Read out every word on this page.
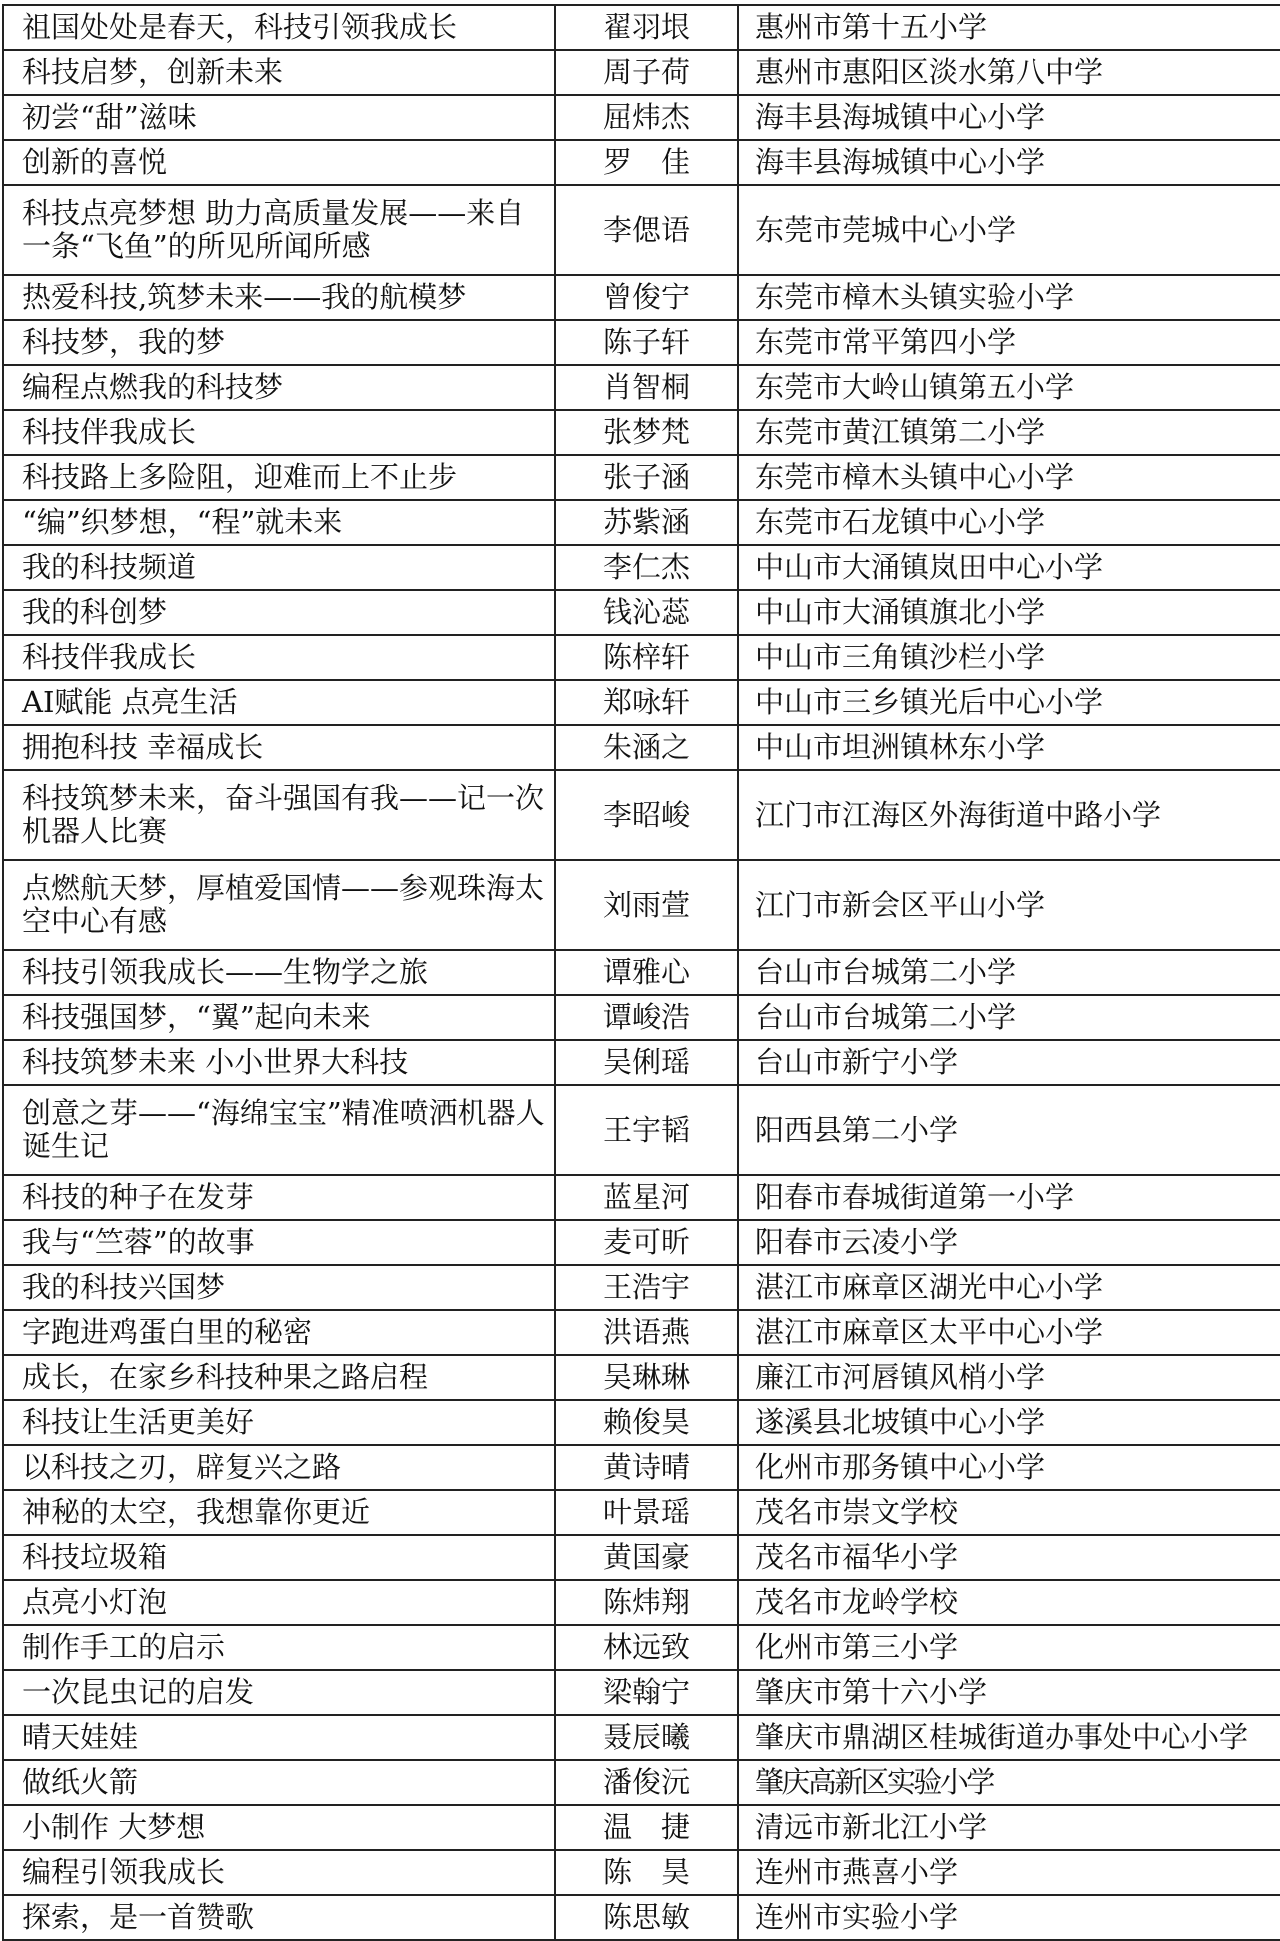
祖国处处是春天，科技引领我成长	翟羽垠	惠州市第十五小学
科技启梦，创新未来	周子荷	惠州市惠阳区淡水第八中学
初尝“甜”滋味	屈炜杰	海丰县海城镇中心小学
创新的喜悦	罗　佳	海丰县海城镇中心小学
科技点亮梦想 助力高质量发展——来自一条“飞鱼”的所见所闻所感	李偲语	东莞市莞城中心小学
热爱科技,筑梦未来——我的航模梦	曾俊宁	东莞市樟木头镇实验小学
科技梦，我的梦	陈子轩	东莞市常平第四小学
编程点燃我的科技梦	肖智桐	东莞市大岭山镇第五小学
科技伴我成长	张梦梵	东莞市黄江镇第二小学
科技路上多险阻，迎难而上不止步	张子涵	东莞市樟木头镇中心小学
“编”织梦想，“程”就未来	苏紫涵	东莞市石龙镇中心小学
我的科技频道	李仁杰	中山市大涌镇岚田中心小学
我的科创梦	钱沁蕊	中山市大涌镇旗北小学
科技伴我成长	陈梓轩	中山市三角镇沙栏小学
AI赋能 点亮生活	郑咏轩	中山市三乡镇光后中心小学
拥抱科技 幸福成长	朱涵之	中山市坦洲镇林东小学
科技筑梦未来，奋斗强国有我——记一次机器人比赛	李昭峻	江门市江海区外海街道中路小学
点燃航天梦，厚植爱国情——参观珠海太空中心有感	刘雨萱	江门市新会区平山小学
科技引领我成长——生物学之旅	谭雅心	台山市台城第二小学
科技强国梦，“翼”起向未来	谭峻浩	台山市台城第二小学
科技筑梦未来 小小世界大科技	吴俐瑶	台山市新宁小学
创意之芽——“海绵宝宝”精准喷洒机器人诞生记	王宇韬	阳西县第二小学
科技的种子在发芽	蓝星河	阳春市春城街道第一小学
我与“竺蓉”的故事	麦可昕	阳春市云凌小学
我的科技兴国梦	王浩宇	湛江市麻章区湖光中心小学
字跑进鸡蛋白里的秘密	洪语燕	湛江市麻章区太平中心小学
成长，在家乡科技种果之路启程	吴琳琳	廉江市河唇镇风梢小学
科技让生活更美好	赖俊昊	遂溪县北坡镇中心小学
以科技之刃，辟复兴之路	黄诗晴	化州市那务镇中心小学
神秘的太空，我想靠你更近	叶景瑶	茂名市崇文学校
科技垃圾箱	黄国豪	茂名市福华小学
点亮小灯泡	陈炜翔	茂名市龙岭学校
制作手工的启示	林远致	化州市第三小学
一次昆虫记的启发	梁翰宁	肇庆市第十六小学
晴天娃娃	聂辰曦	肇庆市鼎湖区桂城街道办事处中心小学
做纸火箭	潘俊沅	肇庆高新区实验小学
小制作 大梦想	温　捷	清远市新北江小学
编程引领我成长	陈　昊	连州市燕喜小学
探索，是一首赞歌	陈思敏	连州市实验小学
